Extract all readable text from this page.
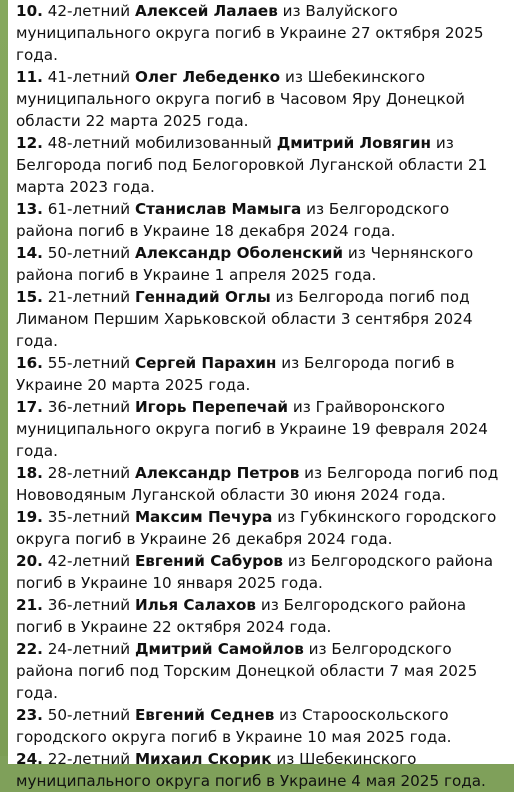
10. 42-летний Алексей Лалаев из Валуйского муниципального округа погиб в Украине 27 октября 2025 года.
11. 41-летний Олег Лебеденко из Шебекинского муниципального округа погиб в Часовом Яру Донецкой области 22 марта 2025 года.
12. 48-летний мобилизованный Дмитрий Ловягин из Белгорода погиб под Белогоровкой Луганской области 21 марта 2023 года.
13. 61-летний Станислав Мамыга из Белгородского района погиб в Украине 18 декабря 2024 года.
14. 50-летний Александр Оболенский из Чернянского района погиб в Украине 1 апреля 2025 года.
15. 21-летний Геннадий Оглы из Белгорода погиб под Лиманом Першим Харьковской области 3 сентября 2024 года.
16. 55-летний Сергей Парахин из Белгорода погиб в Украине 20 марта 2025 года.
17. 36-летний Игорь Перепечай из Грайворонского муниципального округа погиб в Украине 19 февраля 2024 года.
18. 28-летний Александр Петров из Белгорода погиб под Нововодяным Луганской области 30 июня 2024 года.
19. 35-летний Максим Печура из Губкинского городского округа погиб в Украине 26 декабря 2024 года.
20. 42-летний Евгений Сабуров из Белгородского района погиб в Украине 10 января 2025 года.
21. 36-летний Илья Салахов из Белгородского района погиб в Украине 22 октября 2024 года.
22. 24-летний Дмитрий Самойлов из Белгородского района погиб под Торским Донецкой области 7 мая 2025 года.
23. 50-летний Евгений Седнев из Старооскольского городского округа погиб в Украине 10 мая 2025 года.
24. 22-летний Михаил Скорик из Шебекинского муниципального округа погиб в Украине 4 мая 2025 года.
